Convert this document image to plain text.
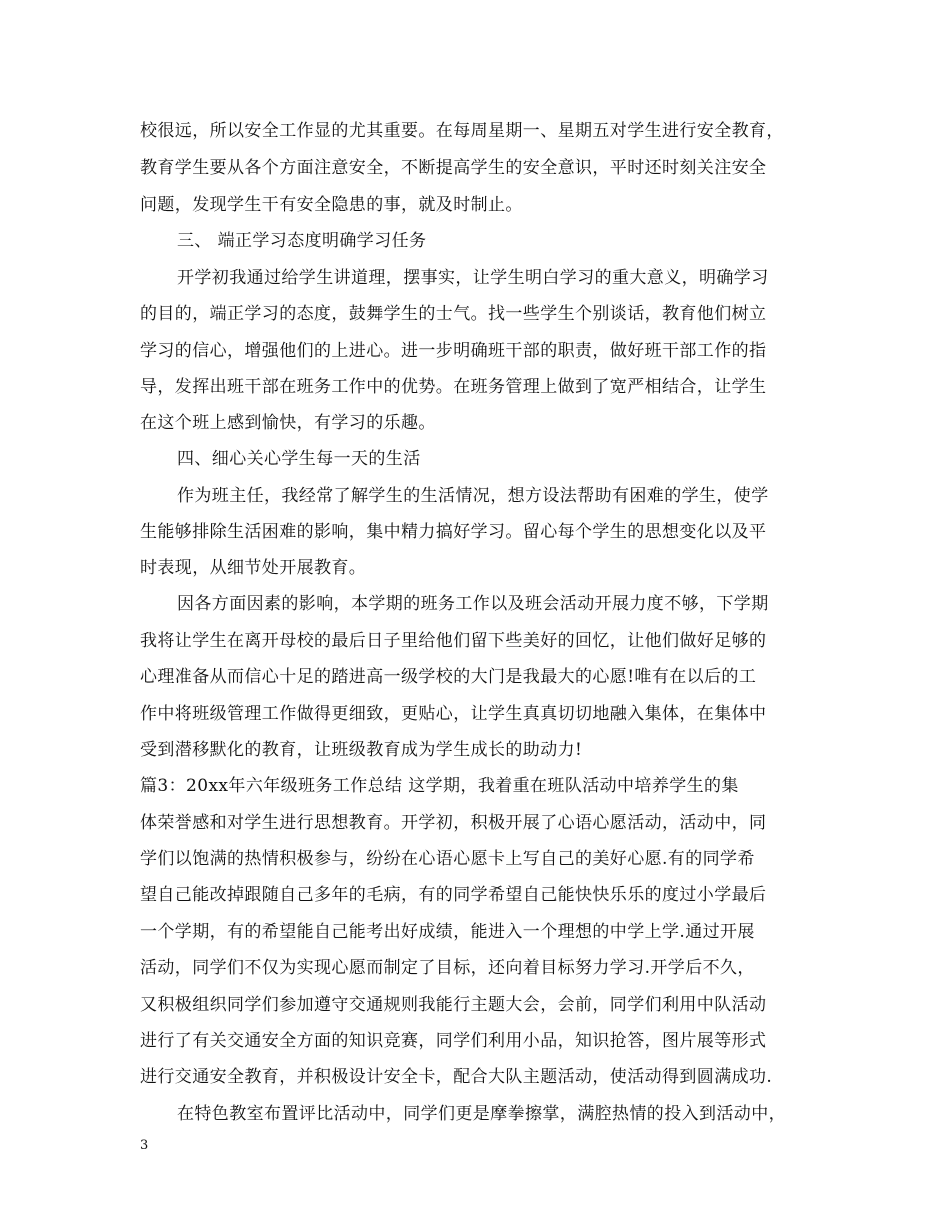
校很远，所以安全工作显的尤其重要。在每周星期一、星期五对学生进行安全教育，
教育学生要从各个方面注意安全，不断提高学生的安全意识，平时还时刻关注安全
问题，发现学生干有安全隐患的事，就及时制止。
三、 端正学习态度明确学习任务
开学初我通过给学生讲道理，摆事实，让学生明白学习的重大意义，明确学习
的目的，端正学习的态度，鼓舞学生的士气。找一些学生个别谈话，教育他们树立
学习的信心，增强他们的上进心。进一步明确班干部的职责，做好班干部工作的指
导，发挥出班干部在班务工作中的优势。在班务管理上做到了宽严相结合，让学生
在这个班上感到愉快，有学习的乐趣。
四、细心关心学生每一天的生活
作为班主任，我经常了解学生的生活情况，想方设法帮助有困难的学生，使学
生能够排除生活困难的影响，集中精力搞好学习。留心每个学生的思想变化以及平
时表现，从细节处开展教育。
因各方面因素的影响，本学期的班务工作以及班会活动开展力度不够，下学期
我将让学生在离开母校的最后日子里给他们留下些美好的回忆，让他们做好足够的
心理准备从而信心十足的踏进高一级学校的大门是我最大的心愿!唯有在以后的工
作中将班级管理工作做得更细致，更贴心，让学生真真切切地融入集体，在集体中
受到潜移默化的教育，让班级教育成为学生成长的助动力!
篇3：20xx年六年级班务工作总结 这学期，我着重在班队活动中培养学生的集
体荣誉感和对学生进行思想教育。开学初，积极开展了心语心愿活动，活动中，同
学们以饱满的热情积极参与，纷纷在心语心愿卡上写自己的美好心愿.有的同学希
望自己能改掉跟随自己多年的毛病，有的同学希望自己能快快乐乐的度过小学最后
一个学期，有的希望能自己能考出好成绩，能进入一个理想的中学上学.通过开展
活动，同学们不仅为实现心愿而制定了目标，还向着目标努力学习.开学后不久，
又积极组织同学们参加遵守交通规则我能行主题大会，会前，同学们利用中队活动
进行了有关交通安全方面的知识竞赛，同学们利用小品，知识抢答，图片展等形式
进行交通安全教育，并积极设计安全卡，配合大队主题活动，使活动得到圆满成功.
在特色教室布置评比活动中，同学们更是摩拳擦掌，满腔热情的投入到活动中，
3
